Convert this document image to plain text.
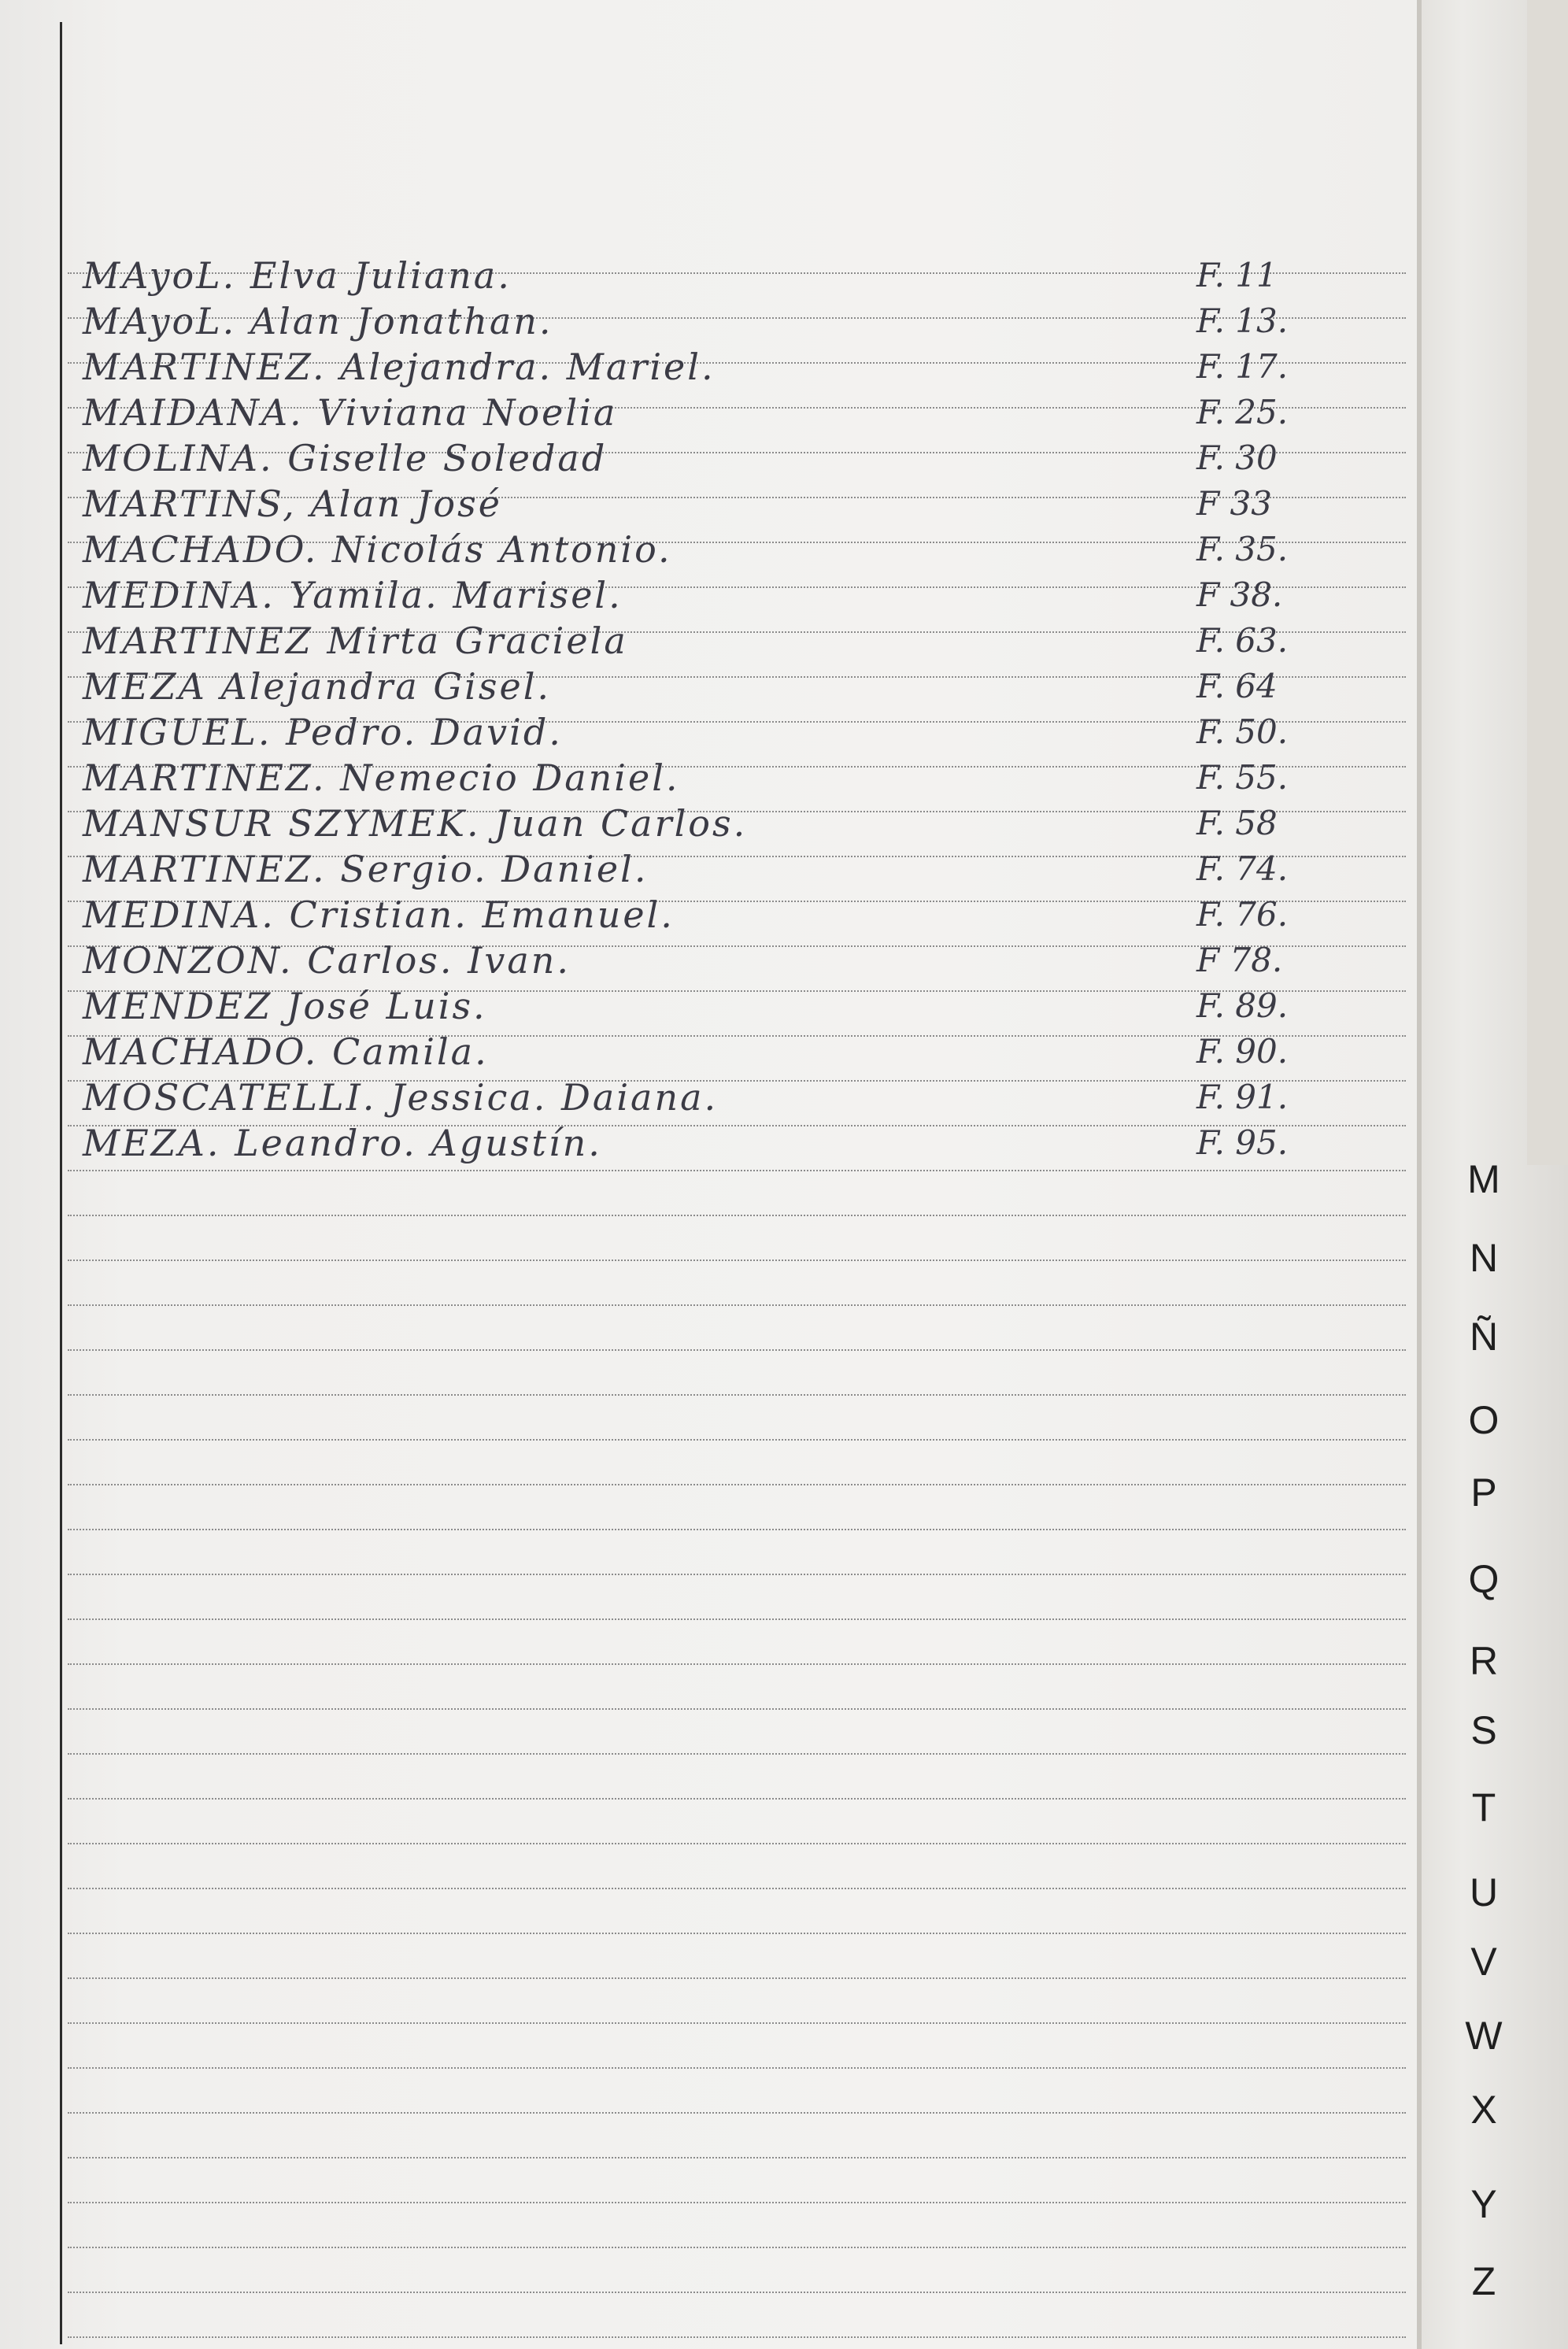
MAyoL. Elva Juliana.	F. 11
MAyoL. Alan Jonathan.	F. 13.
MARTINEZ. Alejandra. Mariel.	F. 17.
MAIDANA. Viviana Noelia	F. 25.
MOLINA. Giselle Soledad	F. 30
MARTINS, Alan José	F 33
MACHADO. Nicolás Antonio.	F. 35.
MEDINA. Yamila. Marisel.	F 38.
MARTINEZ Mirta Graciela	F. 63.
MEZA Alejandra Gisel.	F. 64
MIGUEL. Pedro. David.	F. 50.
MARTINEZ. Nemecio Daniel.	F. 55.
MANSUR SZYMEK. Juan Carlos.	F. 58
MARTINEZ. Sergio. Daniel.	F. 74.
MEDINA. Cristian. Emanuel.	F. 76.
MONZON. Carlos. Ivan.	F 78.
MENDEZ José Luis.	F. 89.
MACHADO. Camila.	F. 90.
MOSCATELLI. Jessica. Daiana.	F. 91.
MEZA. Leandro. Agustín.	F. 95.
M
N
Ñ
O
P
Q
R
S
T
U
V
W
X
Y
Z
